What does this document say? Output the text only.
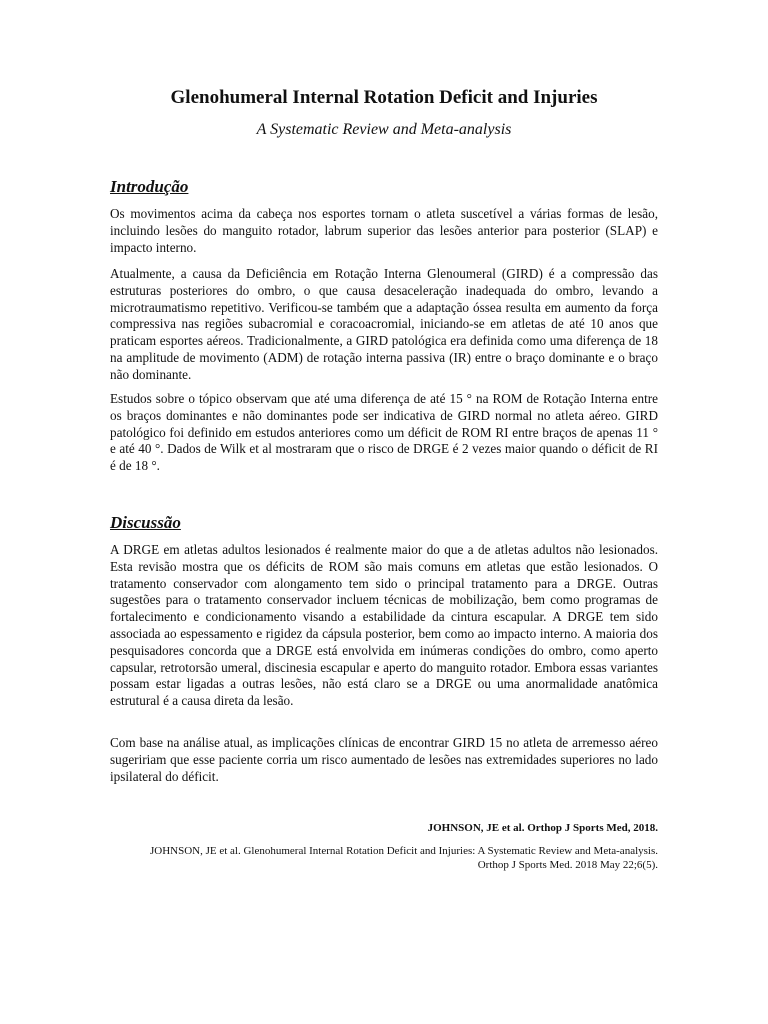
Glenohumeral Internal Rotation Deficit and Injuries

A Systematic Review and Meta-analysis

Introdução

Os movimentos acima da cabeça nos esportes tornam o atleta suscetível a várias formas de lesão, incluindo lesões do manguito rotador, labrum superior das lesões anterior para posterior (SLAP) e impacto interno.

Atualmente, a causa da Deficiência em Rotação Interna Glenoumeral (GIRD) é a compressão das estruturas posteriores do ombro, o que causa desaceleração inadequada do ombro, levando a microtraumatismo repetitivo. Verificou-se também que a adaptação óssea resulta em aumento da força compressiva nas regiões subacromial e coracoacromial, iniciando-se em atletas de até 10 anos que praticam esportes aéreos. Tradicionalmente, a GIRD patológica era definida como uma diferença de 18 na amplitude de movimento (ADM) de rotação interna passiva (IR) entre o braço dominante e o braço não dominante.

Estudos sobre o tópico observam que até uma diferença de até 15 ° na ROM de Rotação Interna entre os braços dominantes e não dominantes pode ser indicativa de GIRD normal no atleta aéreo. GIRD patológico foi definido em estudos anteriores como um déficit de ROM RI entre braços de apenas 11 ° e até 40 °. Dados de Wilk et al mostraram que o risco de DRGE é 2 vezes maior quando o déficit de RI é de 18 °.

Discussão

A DRGE em atletas adultos lesionados é realmente maior do que a de atletas adultos não lesionados. Esta revisão mostra que os déficits de ROM são mais comuns em atletas que estão lesionados. O tratamento conservador com alongamento tem sido o principal tratamento para a DRGE. Outras sugestões para o tratamento conservador incluem técnicas de mobilização, bem como programas de fortalecimento e condicionamento visando a estabilidade da cintura escapular. A DRGE tem sido associada ao espessamento e rigidez da cápsula posterior, bem como ao impacto interno. A maioria dos pesquisadores concorda que a DRGE está envolvida em inúmeras condições do ombro, como aperto capsular, retrotorsão umeral, discinesia escapular e aperto do manguito rotador. Embora essas variantes possam estar ligadas a outras lesões, não está claro se a DRGE ou uma anormalidade anatômica estrutural é a causa direta da lesão.

Com base na análise atual, as implicações clínicas de encontrar GIRD 15 no atleta de arremesso aéreo sugeririam que esse paciente corria um risco aumentado de lesões nas extremidades superiores no lado ipsilateral do déficit.

JOHNSON, JE et al. Orthop J Sports Med, 2018.

JOHNSON, JE et al. Glenohumeral Internal Rotation Deficit and Injuries: A Systematic Review and Meta-analysis.

Orthop J Sports Med. 2018 May 22;6(5).
